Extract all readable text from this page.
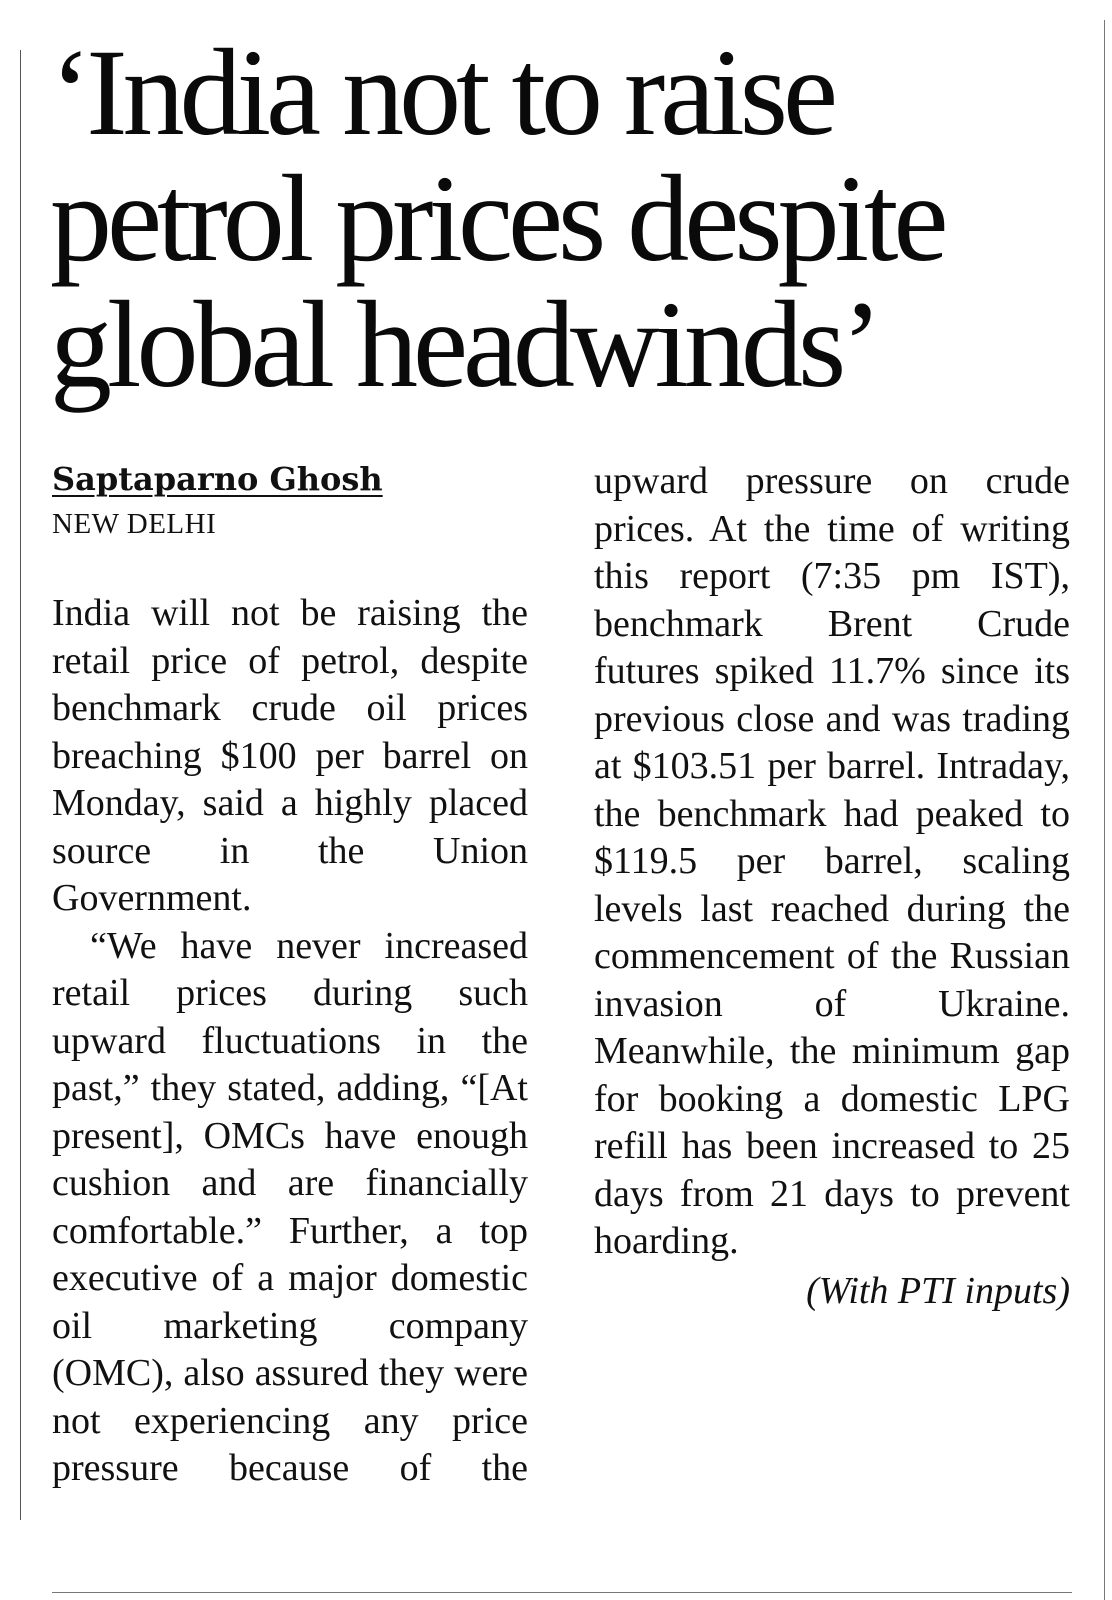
‘India not to raise petrol prices despite global headwinds’

Saptaparno Ghosh

NEW DELHI

India will not be raising the retail price of petrol, despite benchmark crude oil prices breaching $100 per barrel on Monday, said a highly placed source in the Union Government.

“We have never increased retail prices during such upward fluctuations in the past,” they stated, adding, “[At present], OMCs have enough cushion and are financially comfortable.” Further, a top executive of a major domestic oil marketing company (OMC), also assured they were not experiencing any price pressure because of the upward pressure on crude prices. At the time of writing this report (7:35 pm IST), benchmark Brent Crude futures spiked 11.7% since its previous close and was trading at $103.51 per barrel. Intraday, the benchmark had peaked to $119.5 per barrel, scaling levels last reached during the commencement of the Russian invasion of Ukraine. Meanwhile, the minimum gap for booking a domestic LPG refill has been increased to 25 days from 21 days to prevent hoarding.

(With PTI inputs)
